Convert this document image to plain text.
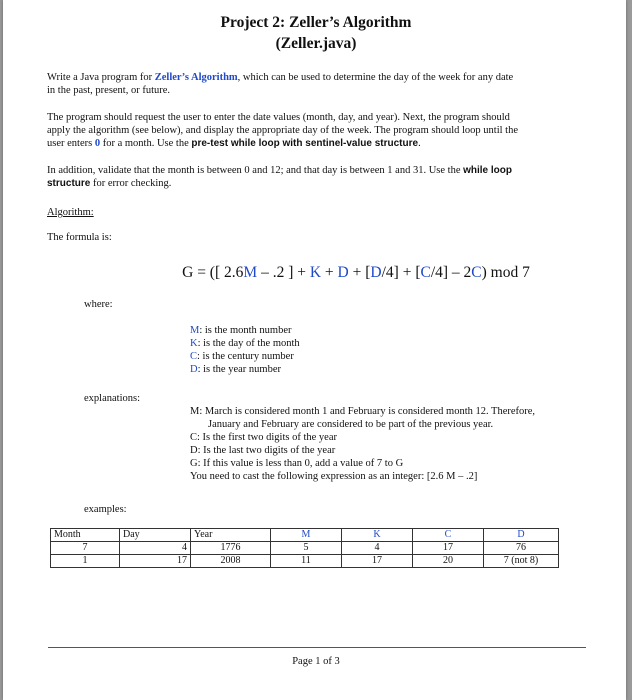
Project 2: Zeller’s Algorithm
(Zeller.java)
Write a Java program for Zeller’s Algorithm, which can be used to determine the day of the week for any date
in the past, present, or future.
The program should request the user to enter the date values (month, day, and year). Next, the program should
apply the algorithm (see below), and display the appropriate day of the week. The program should loop until the
user enters 0 for a month. Use the pre-test while loop with sentinel-value structure.
In addition, validate that the month is between 0 and 12; and that day is between 1 and 31. Use the while loop
structure for error checking.
Algorithm:
The formula is:
G = ([ 2.6M – .2 ] + K + D + [D/4] + [C/4] – 2C) mod 7
where:
M: is the month number
K: is the day of the month
C: is the century number
D: is the year number
explanations:
M: March is considered month 1 and February is considered month 12. Therefore,
January and February are considered to be part of the previous year.
C: Is the first two digits of the year
D: Is the last two digits of the year
G: If this value is less than 0, add a value of 7 to G
You need to cast the following expression as an integer: [2.6 M – .2]
examples:
Month	Day	Year	M	K	C	D
7	4	1776	5	4	17	76
1	17	2008	11	17	20	7 (not 8)
Page 1 of 3
